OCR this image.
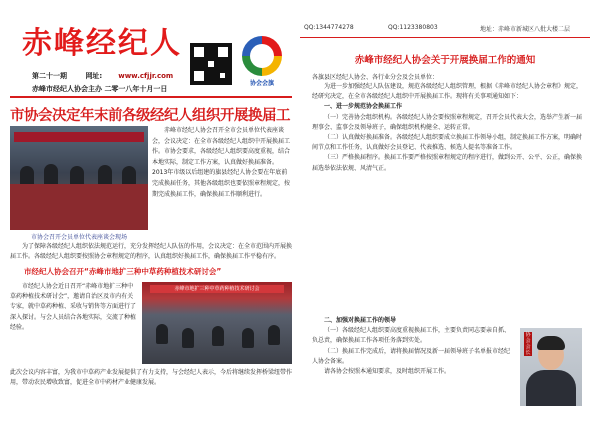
赤峰经纪人
第二十一期	网址: www.cfjjr.com
赤峰市经纪人协会主办 二零一八年十月一日
协会会旗
市协会决定年末前各级经纪人组织开展换届工
市协会召开会员单位代表座谈会现场
赤峰市经纪人协会召开全市会员单位代表座谈会，会议决定：在全市各级经纪人组织中开展换届工作。市协会要求，各级经纪人组织要高度重视，结合本地实际，制定工作方案，认真做好换届准备。2013年市级以后组建的旗县经纪人协会要在年底前完成换届任务，其他各级组织也要依照章程规定，按期完成换届工作，确保换届工作顺利进行。
为了保障各级经纪人组织依法规范运行，充分发挥经纪人队伍的作用，会议决定：在全市范围内开展换届工作。各级经纪人组织要按照协会章程规定的程序，认真组织好换届工作，确保换届工作平稳有序。
市经纪人协会召开“赤峰市地扩三种中草药种植技术研讨会”
市经纪人协会近日召开“赤峰市地扩三种中草药种植技术研讨会”，邀请自治区及市内有关专家，就中草药种植、采收与销售等方面进行了深入探讨。与会人员结合各地实际，交流了种植经验。
赤峰市地扩三种中草药种植技术研讨会
此次会议内容丰富，为我市中草药产业发展提供了有力支持，与会经纪人表示，今后将继续发挥桥梁纽带作用，带动农民增收致富，促进全市中药材产业健康发展。
QQ:1344774278	QQ:1123380803	地址：赤峰市新城区八批大楼二层
赤峰市经纪人协会关于开展换届工作的通知
各旗县区经纪人协会、各行业分会及会员单位：

为进一步加强经纪人队伍建设，规范各级经纪人组织管理，根据《赤峰市经纪人协会章程》规定，经研究决定，在全市各级经纪人组织中开展换届工作。现将有关事项通知如下：

一、进一步规范协会换届工作

（一）完善协会组织机构。各级经纪人协会要按照章程规定，召开会员代表大会，选举产生新一届理事会、监事会及领导班子，确保组织机构健全、运转正常。

（二）认真做好换届准备。各级经纪人组织要成立换届工作领导小组，制定换届工作方案，明确时间节点和工作任务，认真做好会员登记、代表推选、候选人提名等准备工作。

（三）严格换届程序。换届工作要严格按照章程规定的程序进行，做到公开、公平、公正，确保换届选举依法依规、风清气正。

二、加强对换届工作的领导

（一）各级经纪人组织要高度重视换届工作，主要负责同志要亲自抓、负总责，确保换届工作各项任务落到实处。

（二）换届工作完成后，请将换届情况及新一届领导班子名单报市经纪人协会备案。

请各协会按照本通知要求，及时组织开展工作。

协会会长
